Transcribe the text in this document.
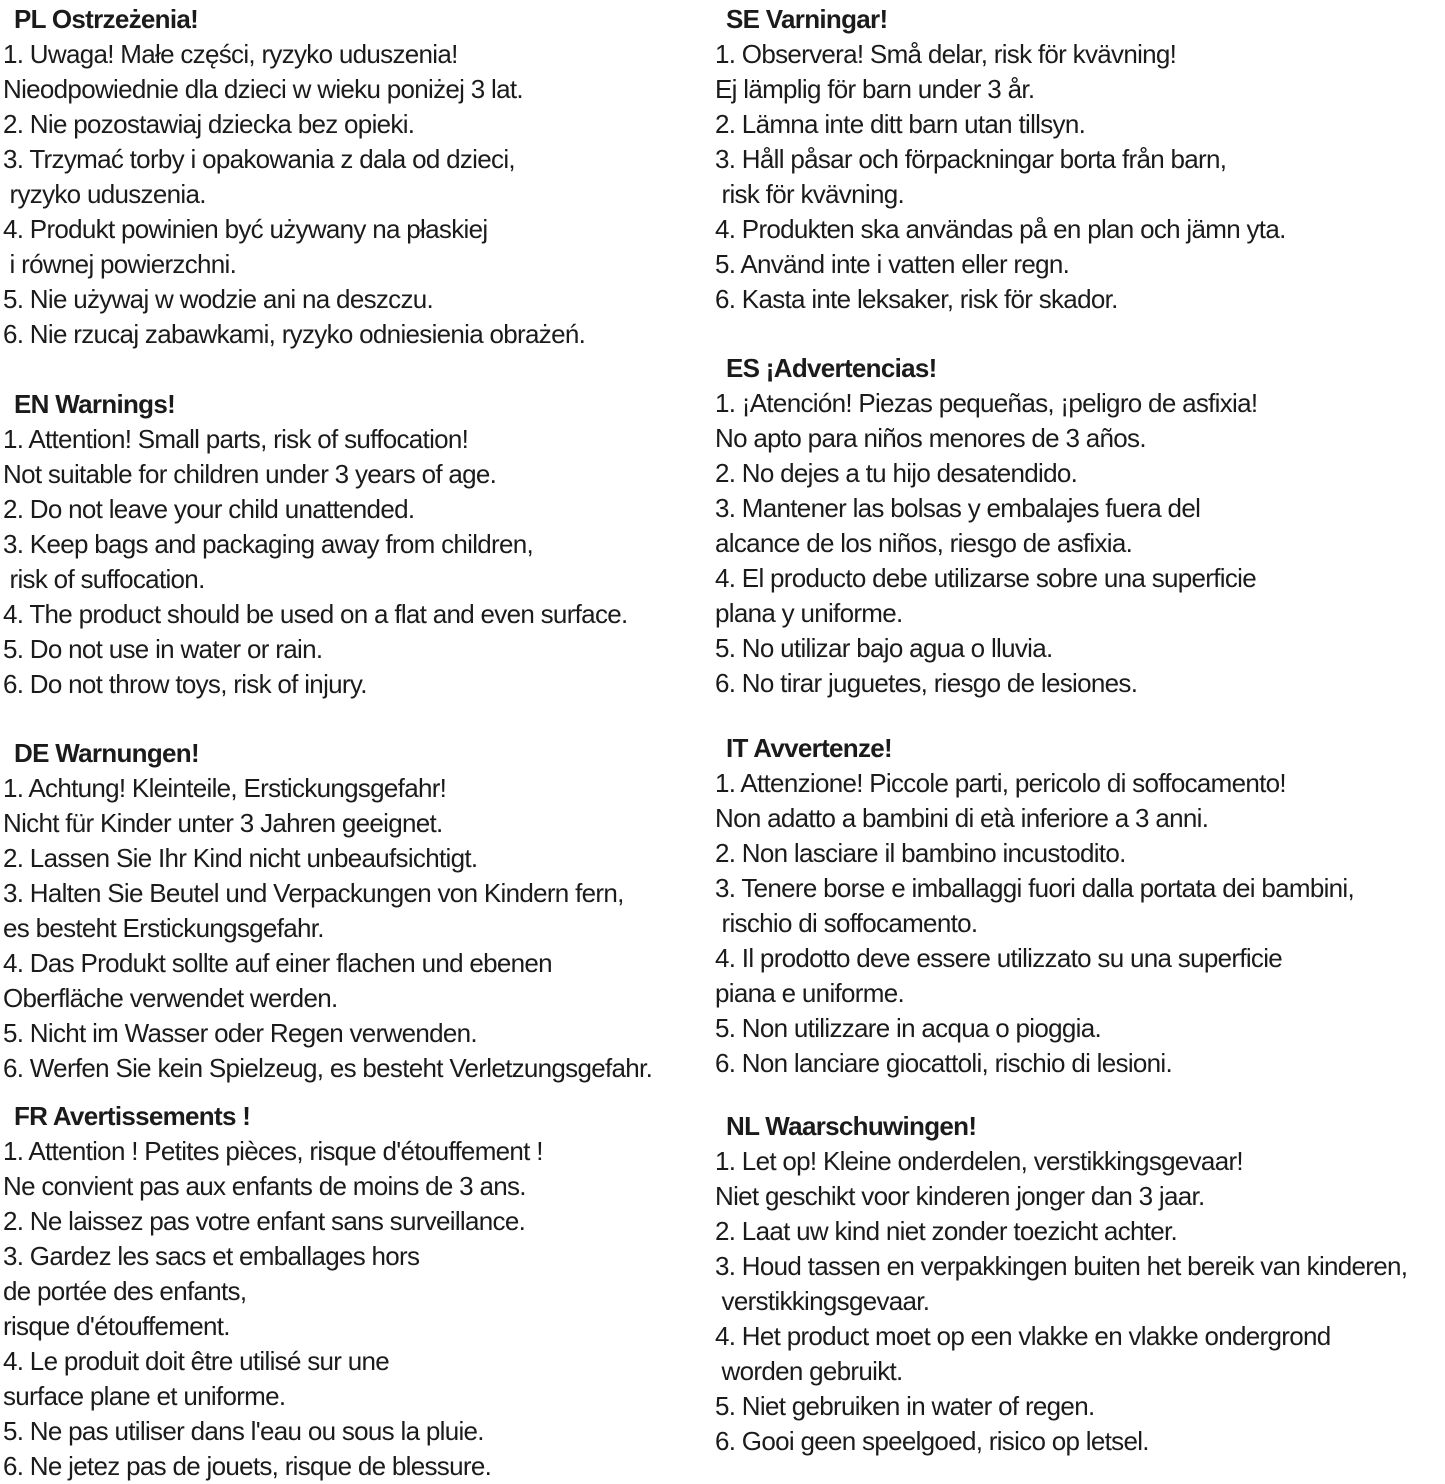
PL Ostrzeżenia!
1. Uwaga! Małe części, ryzyko uduszenia!
Nieodpowiednie dla dzieci w wieku poniżej 3 lat.
2. Nie pozostawiaj dziecka bez opieki.
3. Trzymać torby i opakowania z dala od dzieci,
ryzyko uduszenia.
4. Produkt powinien być używany na płaskiej
i równej powierzchni.
5. Nie używaj w wodzie ani na deszczu.
6. Nie rzucaj zabawkami, ryzyko odniesienia obrażeń.
EN Warnings!
1. Attention! Small parts, risk of suffocation!
Not suitable for children under 3 years of age.
2. Do not leave your child unattended.
3. Keep bags and packaging away from children,
risk of suffocation.
4. The product should be used on a flat and even surface.
5. Do not use in water or rain.
6. Do not throw toys, risk of injury.
DE Warnungen!
1. Achtung! Kleinteile, Erstickungsgefahr!
Nicht für Kinder unter 3 Jahren geeignet.
2. Lassen Sie Ihr Kind nicht unbeaufsichtigt.
3. Halten Sie Beutel und Verpackungen von Kindern fern,
es besteht Erstickungsgefahr.
4. Das Produkt sollte auf einer flachen und ebenen
Oberfläche verwendet werden.
5. Nicht im Wasser oder Regen verwenden.
6. Werfen Sie kein Spielzeug, es besteht Verletzungsgefahr.
FR Avertissements !
1. Attention ! Petites pièces, risque d'étouffement !
Ne convient pas aux enfants de moins de 3 ans.
2. Ne laissez pas votre enfant sans surveillance.
3. Gardez les sacs et emballages hors
de portée des enfants,
risque d'étouffement.
4. Le produit doit être utilisé sur une
surface plane et uniforme.
5. Ne pas utiliser dans l'eau ou sous la pluie.
6. Ne jetez pas de jouets, risque de blessure.
SE Varningar!
1. Observera! Små delar, risk för kvävning!
Ej lämplig för barn under 3 år.
2. Lämna inte ditt barn utan tillsyn.
3. Håll påsar och förpackningar borta från barn,
risk för kvävning.
4. Produkten ska användas på en plan och jämn yta.
5. Använd inte i vatten eller regn.
6. Kasta inte leksaker, risk för skador.
ES ¡Advertencias!
1. ¡Atención! Piezas pequeñas, ¡peligro de asfixia!
No apto para niños menores de 3 años.
2. No dejes a tu hijo desatendido.
3. Mantener las bolsas y embalajes fuera del
alcance de los niños, riesgo de asfixia.
4. El producto debe utilizarse sobre una superficie
plana y uniforme.
5. No utilizar bajo agua o lluvia.
6. No tirar juguetes, riesgo de lesiones.
IT Avvertenze!
1. Attenzione! Piccole parti, pericolo di soffocamento!
Non adatto a bambini di età inferiore a 3 anni.
2. Non lasciare il bambino incustodito.
3. Tenere borse e imballaggi fuori dalla portata dei bambini,
rischio di soffocamento.
4. Il prodotto deve essere utilizzato su una superficie
piana e uniforme.
5. Non utilizzare in acqua o pioggia.
6. Non lanciare giocattoli, rischio di lesioni.
NL Waarschuwingen!
1. Let op! Kleine onderdelen, verstikkingsgevaar!
Niet geschikt voor kinderen jonger dan 3 jaar.
2. Laat uw kind niet zonder toezicht achter.
3. Houd tassen en verpakkingen buiten het bereik van kinderen,
verstikkingsgevaar.
4. Het product moet op een vlakke en vlakke ondergrond
worden gebruikt.
5. Niet gebruiken in water of regen.
6. Gooi geen speelgoed, risico op letsel.
